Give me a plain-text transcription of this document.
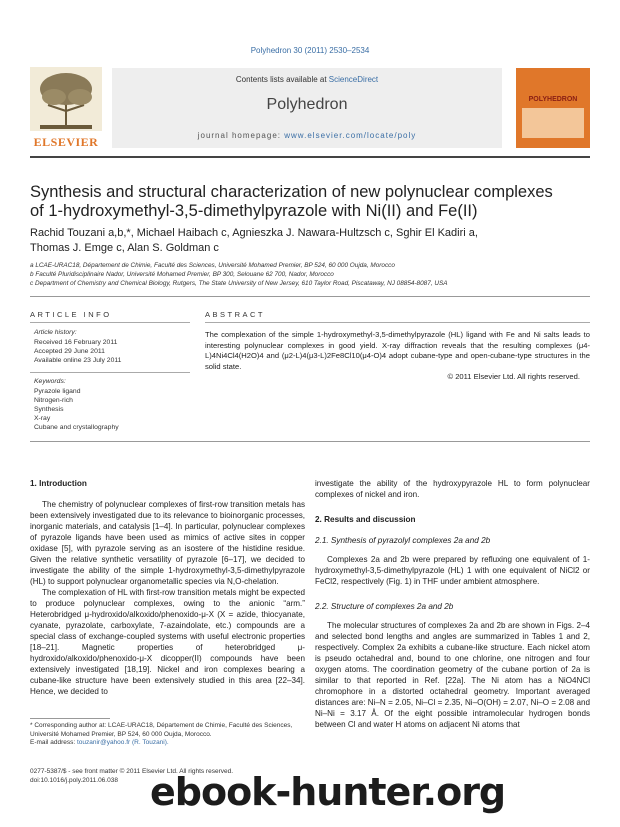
Polyhedron 30 (2011) 2530–2534
ELSEVIER
Contents lists available at ScienceDirect
Polyhedron
journal homepage: www.elsevier.com/locate/poly
POLYHEDRON
Synthesis and structural characterization of new polynuclear complexes
of 1-hydroxymethyl-3,5-dimethylpyrazole with Ni(II) and Fe(II)
Rachid Touzani a,b,*, Michael Haibach c, Agnieszka J. Nawara-Hultzsch c, Sghir El Kadiri a,
Thomas J. Emge c, Alan S. Goldman c
a LCAE-URAC18, Département de Chimie, Faculté des Sciences, Université Mohamed Premier, BP 524, 60 000 Oujda, Morocco
b Faculté Pluridisciplinaire Nador, Université Mohamed Premier, BP 300, Selouane 62 700, Nador, Morocco
c Department of Chemistry and Chemical Biology, Rutgers, The State University of New Jersey, 610 Taylor Road, Piscataway, NJ 08854-8087, USA
ARTICLE INFO
Article history:
Received 16 February 2011
Accepted 29 June 2011
Available online 23 July 2011
Keywords:
Pyrazole ligand
Nitrogen-rich
Synthesis
X-ray
Cubane and crystallography
ABSTRACT
The complexation of the simple 1-hydroxymethyl-3,5-dimethylpyrazole (HL) ligand with Fe and Ni salts leads to interesting polynuclear complexes in good yield. X-ray diffraction reveals that the resulting complexes (μ4-L)4Ni4Cl4(H2O)4 and (μ2-L)4(μ3-L)2Fe8Cl10(μ4-O)4 adopt cubane-type and open-cubane-type structures in the solid state.
© 2011 Elsevier Ltd. All rights reserved.
1. Introduction

The chemistry of polynuclear complexes of first-row transition metals has been extensively investigated due to its relevance to bioinorganic processes, inorganic materials, and catalysis [1–4]. In particular, polynuclear complexes of pyrazole ligands have been used as mimics of active sites in copper oxidase [5], with pyrazole serving as an isostere of the histidine residue. Given the relative synthetic versatility of pyrazole [6–17], we decided to investigate the ability of the simple 1-hydroxymethyl-3,5-dimethylpyrazole (HL) to support polynuclear organometallic species via N,O-chelation.

The complexation of HL with first-row transition metals might be expected to produce polynuclear complexes, owing to the anionic “arm.” Heterobridged μ-hydroxido/alkoxido/phenoxido-μ-X (X = azide, thiocyanate, cyanate, pyrazolate, carboxylate, 7-azaindolate, etc.) compounds are a special class of exchange-coupled systems with useful electronic properties [18–21]. Magnetic properties of heterobridged μ-hydroxido/alkoxido/phenoxido-μ-X dicopper(II) compounds have been extensively investigated [18,19]. Nickel and iron complexes bearing a cubane-like structure have been extensively studied in this area [22–34]. Hence, we decided to

* Corresponding author at: LCAE-URAC18, Département de Chimie, Faculté des Sciences, Université Mohamed Premier, BP 524, 60 000 Oujda, Morocco.
E-mail address: touzanir@yahoo.fr (R. Touzani).
0277-5387/$ - see front matter © 2011 Elsevier Ltd. All rights reserved.
doi:10.1016/j.poly.2011.06.038

investigate the ability of the hydroxypyrazole HL to form polynuclear complexes of nickel and iron.

2. Results and discussion
2.1. Synthesis of pyrazolyl complexes 2a and 2b

Complexes 2a and 2b were prepared by refluxing one equivalent of 1-hydroxymethyl-3,5-dimethylpyrazole (HL) 1 with one equivalent of NiCl2 or FeCl2, respectively (Fig. 1) in THF under ambient atmosphere.

2.2. Structure of complexes 2a and 2b

The molecular structures of complexes 2a and 2b are shown in Figs. 2–4 and selected bond lengths and angles are summarized in Tables 1 and 2, respectively. Complex 2a exhibits a cubane-like structure. Each nickel atom is pseudo octahedral and, bound to one chlorine, one nitrogen and four oxygen atoms. The coordination geometry of the cubane portion of 2a is similar to that reported in Ref. [22a]. The Ni atom has a NiO4NCl chromophore in a distorted octahedral geometry. Important averaged distances are: Ni–N = 2.05, Ni–Cl = 2.35, Ni–O(OH) = 2.07, Ni–O = 2.08 and Ni–Ni = 3.17 Å. Of the eight possible intramolecular hydrogen bonds between Cl and water H atoms on adjacent Ni atoms that

ebook-hunter.org
